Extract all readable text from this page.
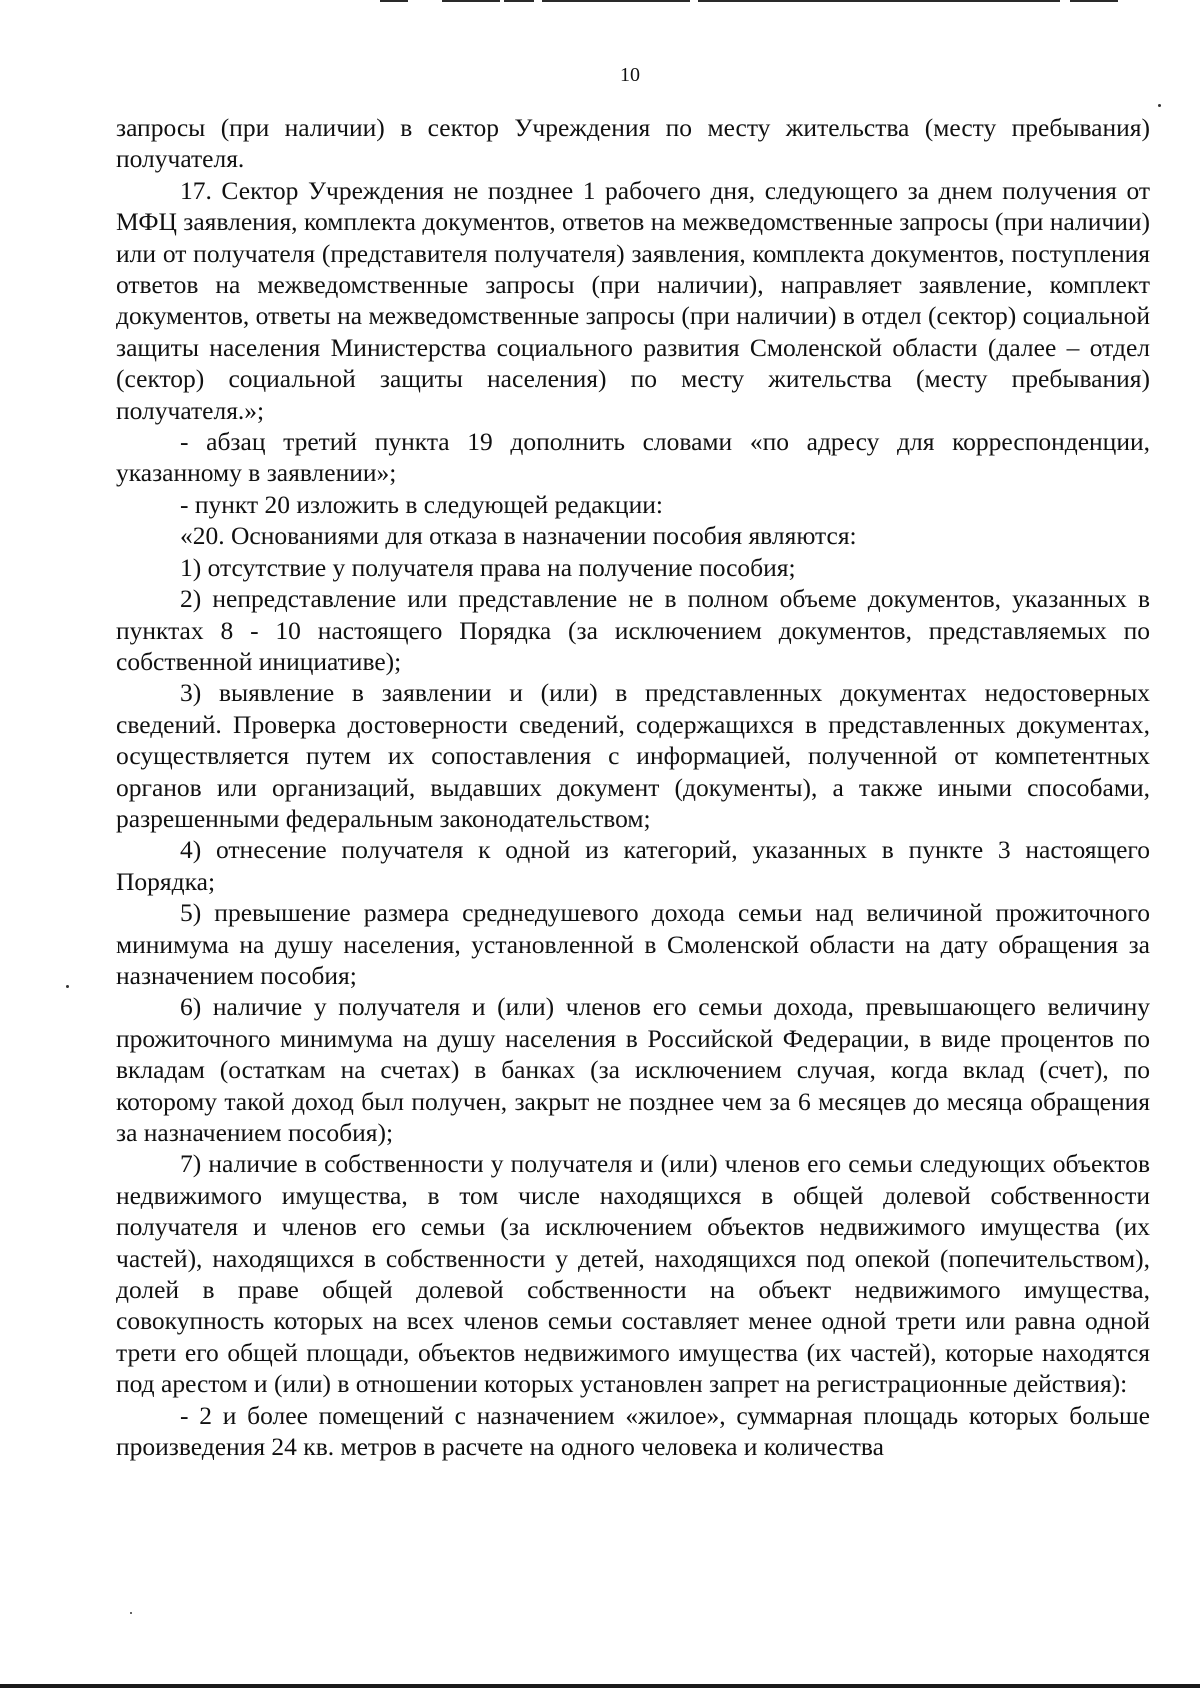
10

запросы (при наличии) в сектор Учреждения по месту жительства (месту пребывания) получателя.

17. Сектор Учреждения не позднее 1 рабочего дня, следующего за днем получения от МФЦ заявления, комплекта документов, ответов на межведомственные запросы (при наличии) или от получателя (представителя получателя) заявления, комплекта документов, поступления ответов на межведомственные запросы (при наличии), направляет заявление, комплект документов, ответы на межведомственные запросы (при наличии) в отдел (сектор) социальной защиты населения Министерства социального развития Смоленской области (далее – отдел (сектор) социальной защиты населения) по месту жительства (месту пребывания) получателя.»;

- абзац третий пункта 19 дополнить словами «по адресу для корреспонденции, указанному в заявлении»;

- пункт 20 изложить в следующей редакции:

«20. Основаниями для отказа в назначении пособия являются:

1) отсутствие у получателя права на получение пособия;

2) непредставление или представление не в полном объеме документов, указанных в пунктах 8 - 10 настоящего Порядка (за исключением документов, представляемых по собственной инициативе);

3) выявление в заявлении и (или) в представленных документах недостоверных сведений. Проверка достоверности сведений, содержащихся в представленных документах, осуществляется путем их сопоставления с информацией, полученной от компетентных органов или организаций, выдавших документ (документы), а также иными способами, разрешенными федеральным законодательством;

4) отнесение получателя к одной из категорий, указанных в пункте 3 настоящего Порядка;

5) превышение размера среднедушевого дохода семьи над величиной прожиточного минимума на душу населения, установленной в Смоленской области на дату обращения за назначением пособия;

6) наличие у получателя и (или) членов его семьи дохода, превышающего величину прожиточного минимума на душу населения в Российской Федерации, в виде процентов по вкладам (остаткам на счетах) в банках (за исключением случая, когда вклад (счет), по которому такой доход был получен, закрыт не позднее чем за 6 месяцев до месяца обращения за назначением пособия);

7) наличие в собственности у получателя и (или) членов его семьи следующих объектов недвижимого имущества, в том числе находящихся в общей долевой собственности получателя и членов его семьи (за исключением объектов недвижимого имущества (их частей), находящихся в собственности у детей, находящихся под опекой (попечительством), долей в праве общей долевой собственности на объект недвижимого имущества, совокупность которых на всех членов семьи составляет менее одной трети или равна одной трети его общей площади, объектов недвижимого имущества (их частей), которые находятся под арестом и (или) в отношении которых установлен запрет на регистрационные действия):

- 2 и более помещений с назначением «жилое», суммарная площадь которых больше произведения 24 кв. метров в расчете на одного человека и количества
